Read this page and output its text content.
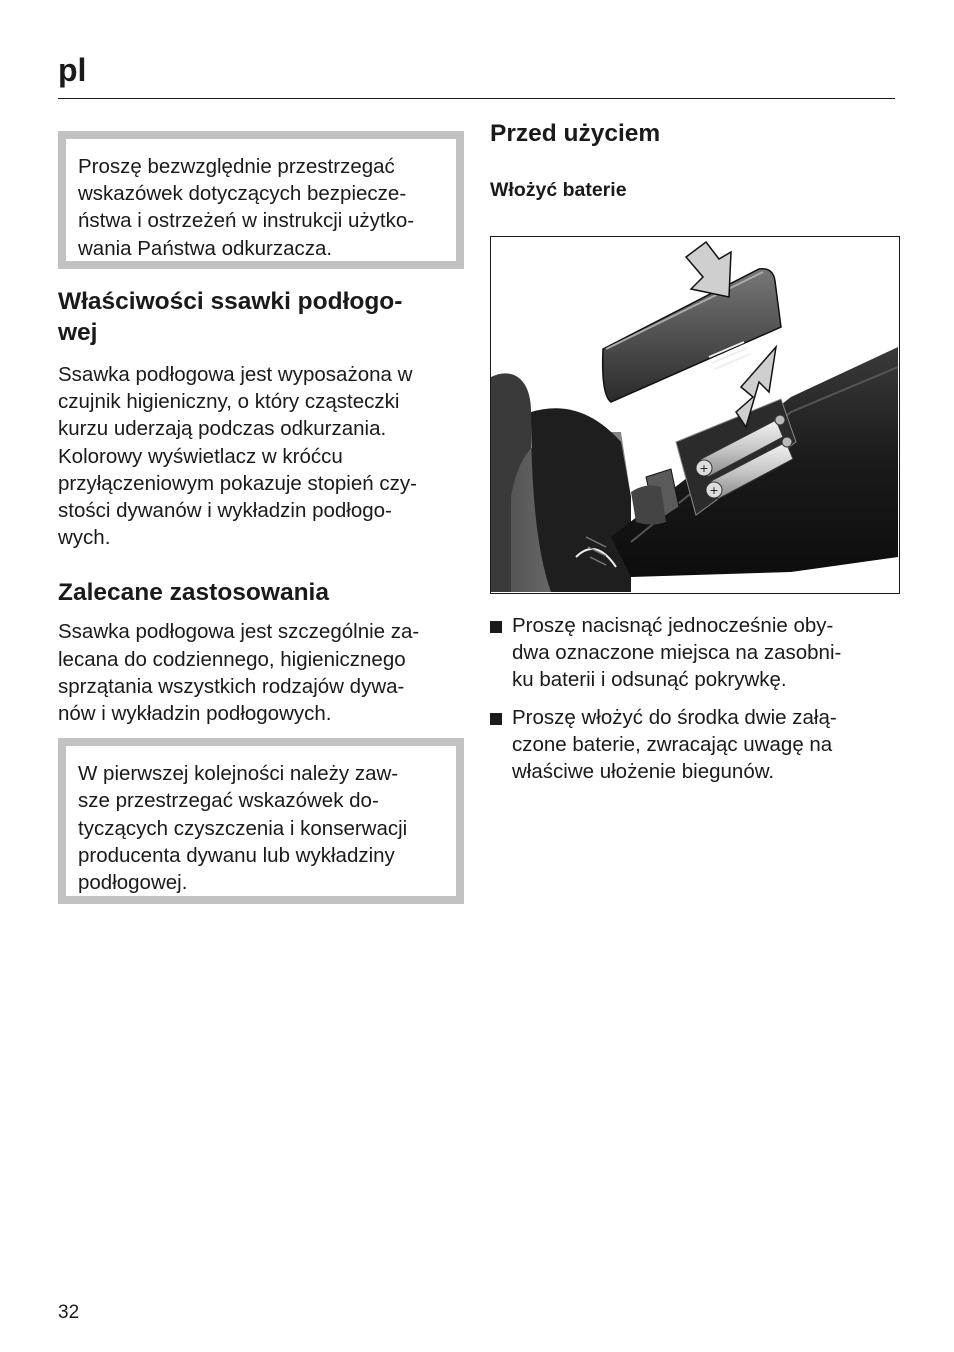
pl

Proszę bezwzględnie przestrzegać
wskazówek dotyczących bezpiecze-
ństwa i ostrzeżeń w instrukcji użytko-
wania Państwa odkurzacza.

Właściwości ssawki podłogo-
wej

Ssawka podłogowa jest wyposażona w
czujnik higieniczny, o który cząsteczki
kurzu uderzają podczas odkurzania.
Kolorowy wyświetlacz w króćcu
przyłączeniowym pokazuje stopień czy-
stości dywanów i wykładzin podłogo-
wych.

Zalecane zastosowania

Ssawka podłogowa jest szczególnie za-
lecana do codziennego, higienicznego
sprzątania wszystkich rodzajów dywa-
nów i wykładzin podłogowych.

W pierwszej kolejności należy zaw-
sze przestrzegać wskazówek do-
tyczących czyszczenia i konserwacji
producenta dywanu lub wykładziny
podłogowej.

Przed użyciem
Włożyć baterie
+
+
Proszę nacisnąć jednocześnie oby-
dwa oznaczone miejsca na zasobni-
ku baterii i odsunąć pokrywkę.
Proszę włożyć do środka dwie załą-
czone baterie, zwracając uwagę na
właściwe ułożenie biegunów.
32
